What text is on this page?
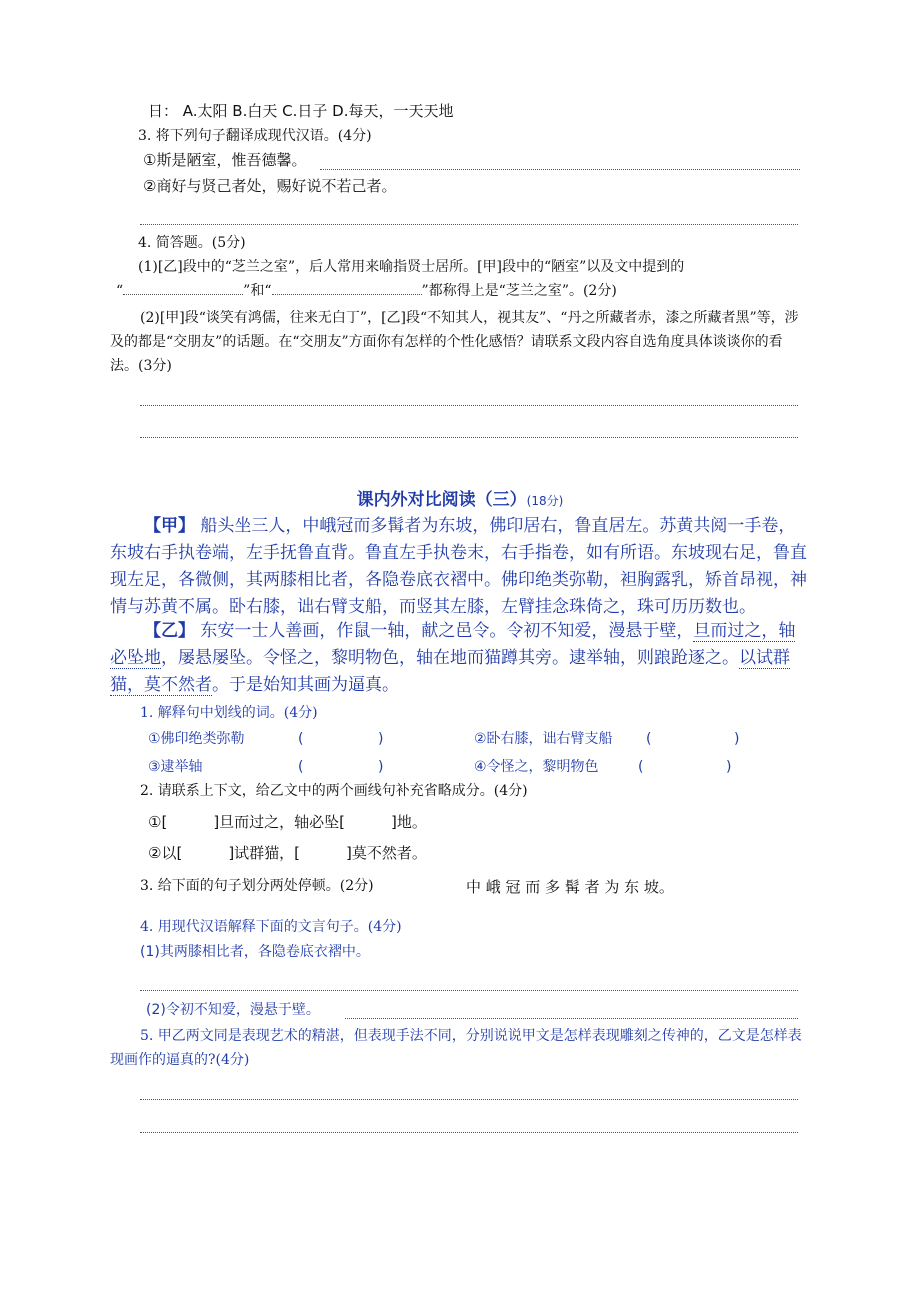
日： A.太阳 B.白天 C.日子 D.每天，一天天地
3. 将下列句子翻译成现代汉语。(4分)
①斯是陋室，惟吾德馨。
②商好与贤己者处，赐好说不若己者。
4. 简答题。(5分)
(1)[乙]段中的“芝兰之室”，后人常用来喻指贤士居所。[甲]段中的“陋室”以及文中提到的
“	”和“	”都称得上是“芝兰之室”。(2分)
(2)[甲]段“谈笑有鸿儒，往来无白丁”，[乙]段“不知其人，视其友”、“丹之所藏者赤，漆之所藏者黑”等，涉及的都是“交朋友”的话题。在“交朋友”方面你有怎样的个性化感悟？请联系文段内容自选角度具体谈谈你的看法。(3分)
课内外对比阅读（三）(18分)
【甲】 船头坐三人，中峨冠而多髯者为东坡，佛印居右，鲁直居左。苏黄共阅一手卷，东坡右手执卷端，左手抚鲁直背。鲁直左手执卷末，右手指卷，如有所语。东坡现右足，鲁直现左足，各微侧，其两膝相比者，各隐卷底衣褶中。佛印绝类弥勒，袒胸露乳，矫首昂视，神情与苏黄不属。卧右膝，诎右臂支船，而竖其左膝，左臂挂念珠倚之，珠可历历数也。
【乙】 东安一士人善画，作鼠一轴，献之邑令。令初不知爱，漫悬于壁，旦而过之，轴必坠地，屡悬屡坠。令怪之，黎明物色，轴在地而猫蹲其旁。逮举轴，则踉跄逐之。以试群猫，莫不然者。于是始知其画为逼真。
1. 解释句中划线的词。(4分)
①佛印绝类弥勒	(	)	②卧右膝，诎右臂支船 (	)
③逮举轴	(	)	④令怪之，黎明物色	(	)
2. 请联系上下文，给乙文中的两个画线句补充省略成分。(4分)
①[	]旦而过之，轴必坠[	]地。
②以[	]试群猫，[	]莫不然者。
3. 给下面的句子划分两处停顿。(2分)	中 峨 冠 而 多 髯 者 为 东 坡。
4. 用现代汉语解释下面的文言句子。(4分)
(1)其两膝相比者，各隐卷底衣褶中。
(2)令初不知爱，漫悬于壁。
5. 甲乙两文同是表现艺术的精湛，但表现手法不同，分别说说甲文是怎样表现雕刻之传神的，乙文是怎样表现画作的逼真的?(4分)
